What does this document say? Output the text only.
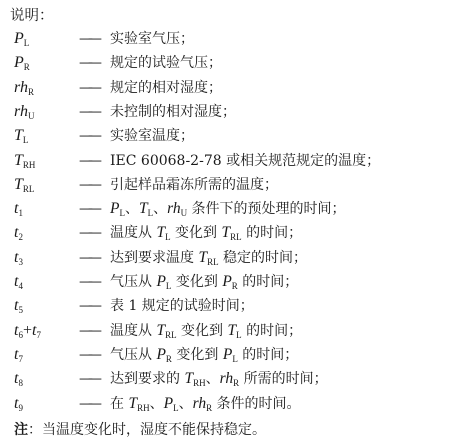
说明：
$P_L$	—— 实验室气压；
$P_R$	—— 规定的试验气压；
$rh_R$	—— 规定的相对湿度；
$rh_U$	—— 未控制的相对湿度；
$T_L$	—— 实验室温度；
$T_{RH}$	—— IEC 60068-2-78 或相关规范规定的温度；
$T_{RL}$	—— 引起样品霜冻所需的温度；
$t_1$	—— $P_L$、$T_L$、$rh_U$ 条件下的预处理的时间；
$t_2$	—— 温度从 $T_L$ 变化到 $T_{RL}$ 的时间；
$t_3$	—— 达到要求温度 $T_{RL}$ 稳定的时间；
$t_4$	—— 气压从 $P_L$ 变化到 $P_R$ 的时间；
$t_5$	—— 表 1 规定的试验时间；
$t_6+t_7$	—— 温度从 $T_{RL}$ 变化到 $T_L$ 的时间；
$t_7$	—— 气压从 $P_R$ 变化到 $P_L$ 的时间；
$t_8$	—— 达到要求的 $T_{RH}$、$rh_R$ 所需的时间；
$t_9$	—— 在 $T_{RH}$、$P_L$、$rh_R$ 条件的时间。
注：当温度变化时，湿度不能保持稳定。
